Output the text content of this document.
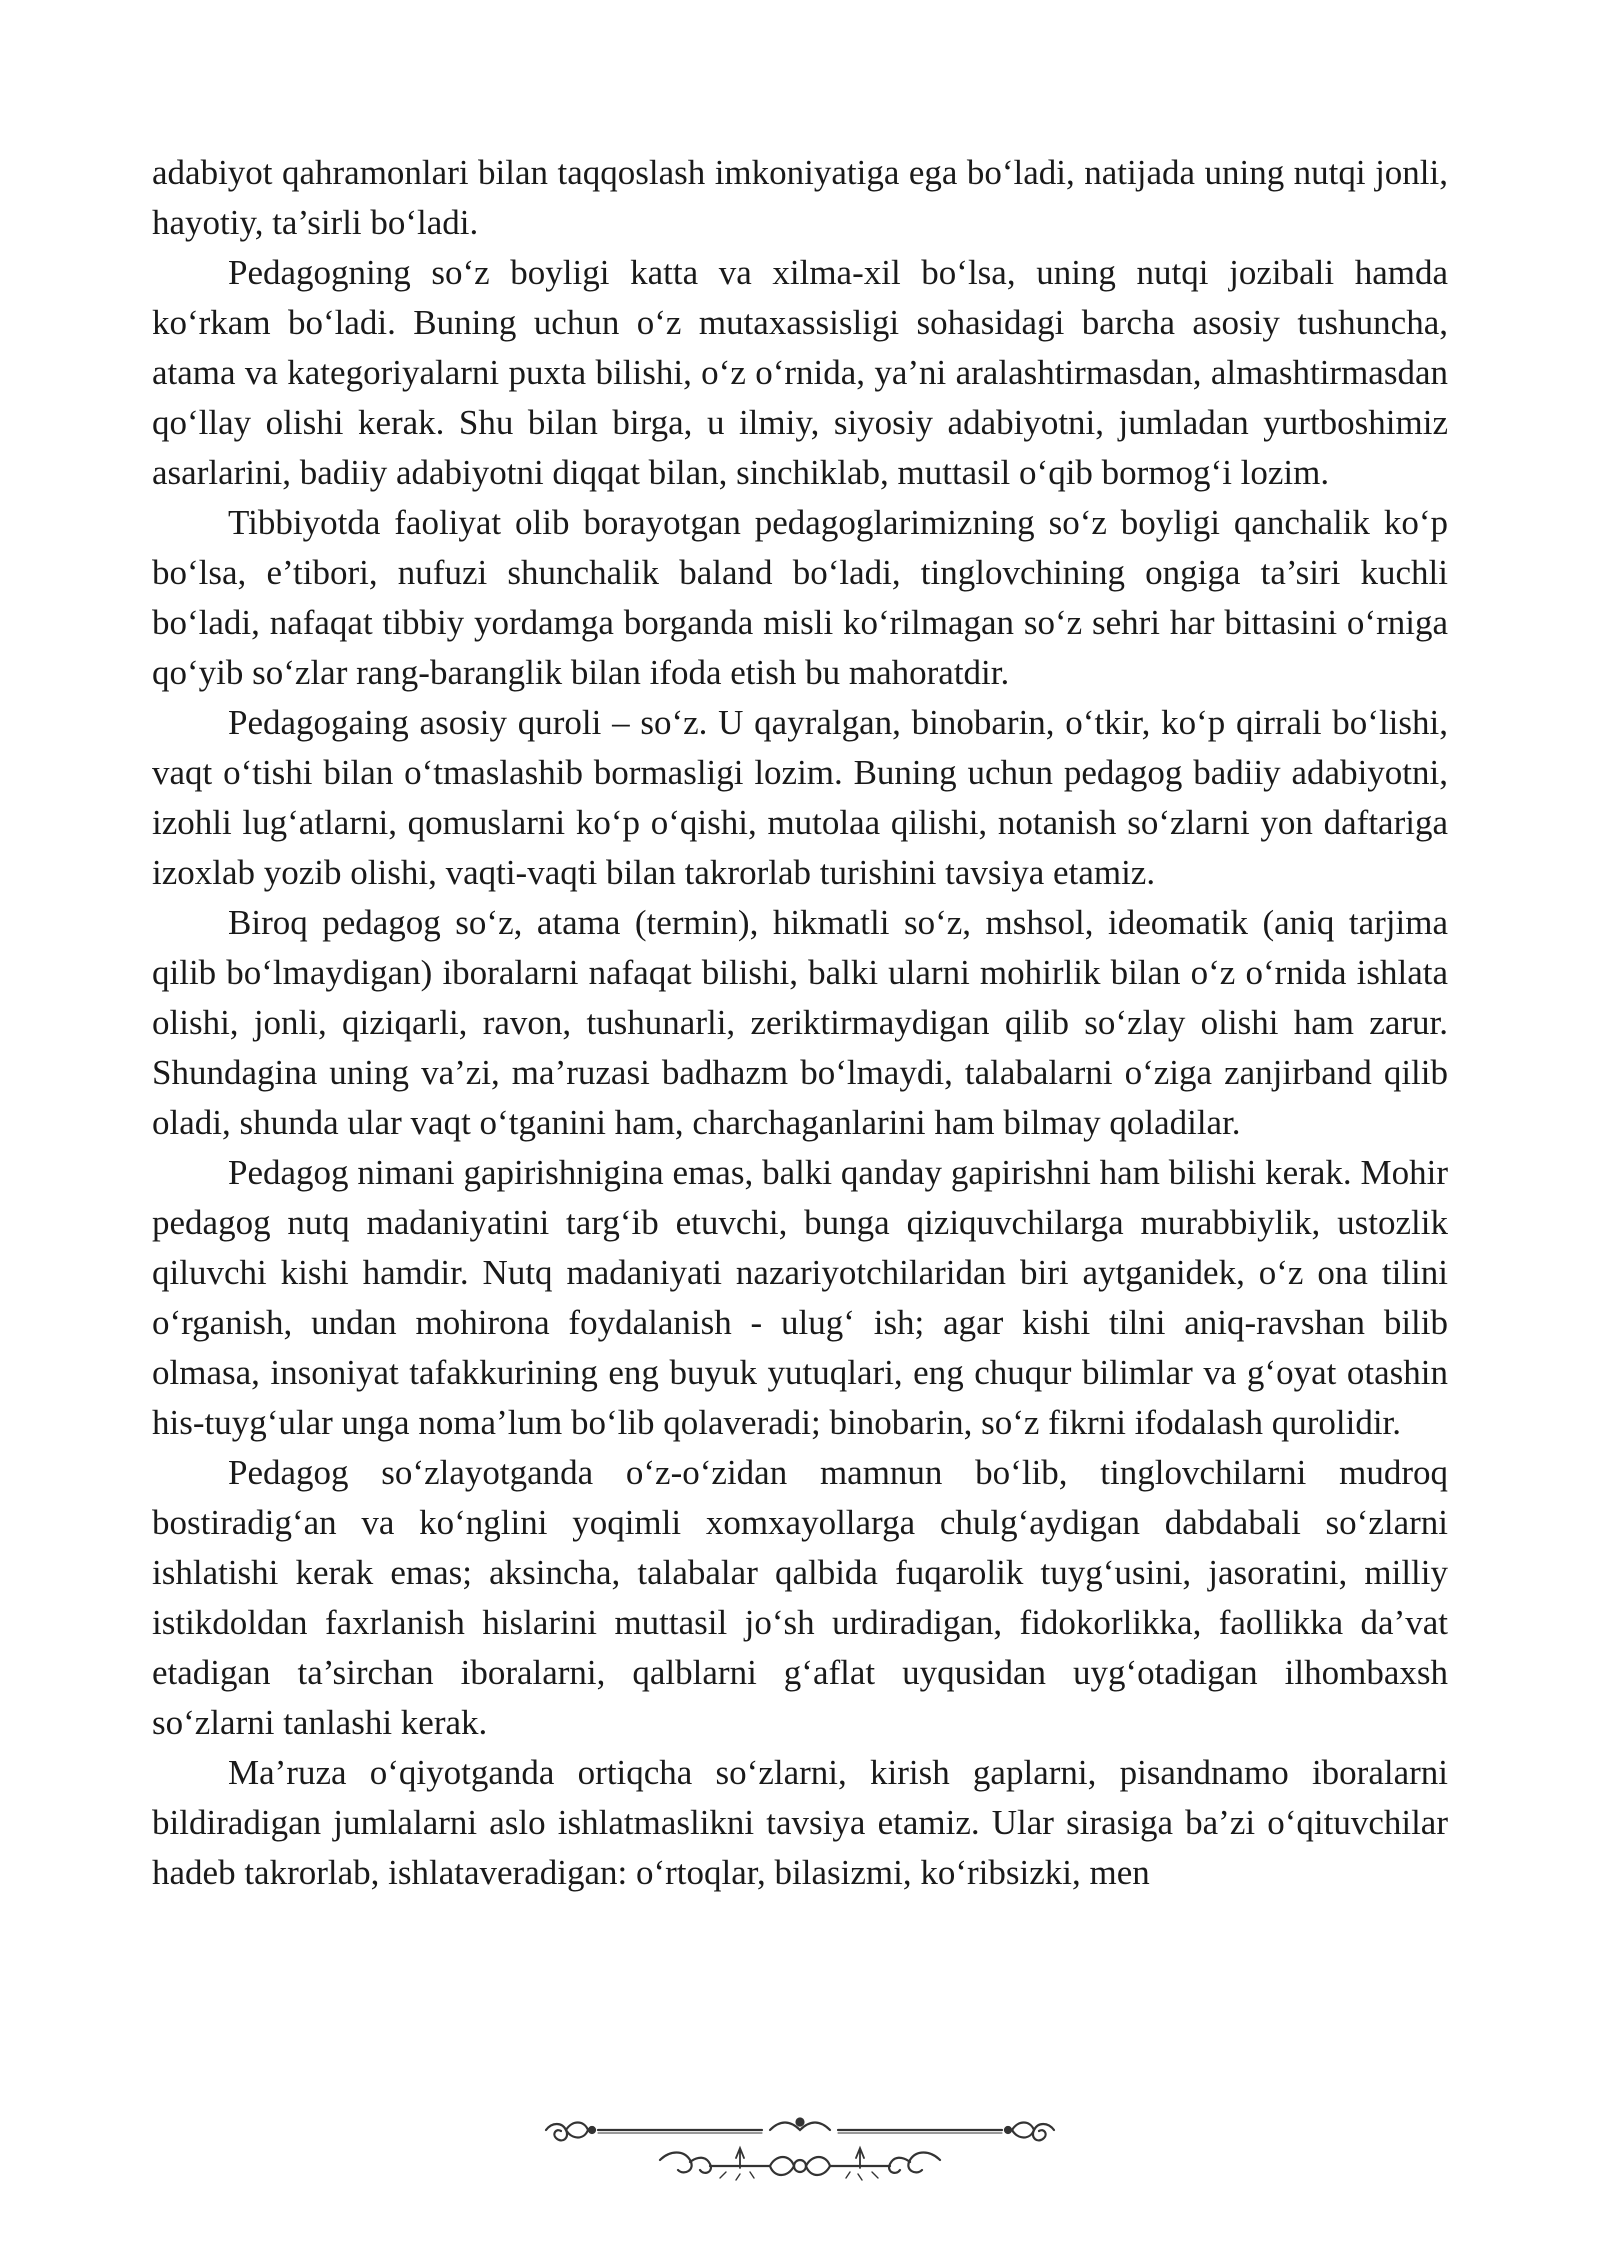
adabiyot qahramonlari bilan taqqoslash imkoniyatiga ega bo‘ladi, natijada uning nutqi jonli, hayotiy, ta’sirli bo‘ladi.

Pedagogning so‘z boyligi katta va xilma-xil bo‘lsa, uning nutqi jozibali hamda ko‘rkam bo‘ladi. Buning uchun o‘z mutaxassisligi sohasidagi barcha asosiy tushuncha, atama va kategoriyalarni puxta bilishi, o‘z o‘rnida, ya’ni aralashtirmasdan, almashtirmasdan qo‘llay olishi kerak. Shu bilan birga, u ilmiy, siyosiy adabiyotni, jumladan yurtboshimiz asarlarini, badiiy adabiyotni diqqat bilan, sinchiklab, muttasil o‘qib bormog‘i lozim.

Tibbiyotda faoliyat olib borayotgan pedagoglarimizning so‘z boyligi qanchalik ko‘p bo‘lsa, e’tibori, nufuzi shunchalik baland bo‘ladi, tinglovchining ongiga ta’siri kuchli bo‘ladi, nafaqat tibbiy yordamga borganda misli ko‘rilmagan so‘z sehri har bittasini o‘rniga qo‘yib so‘zlar rang-baranglik bilan ifoda etish bu mahoratdir.

Pedagogaing asosiy quroli – so‘z. U qayralgan, binobarin, o‘tkir, ko‘p qirrali bo‘lishi, vaqt o‘tishi bilan o‘tmaslashib bormasligi lozim. Buning uchun pedagog badiiy adabiyotni, izohli lug‘atlarni, qomuslarni ko‘p o‘qishi, mutolaa qilishi, notanish so‘zlarni yon daftariga izoxlab yozib olishi, vaqti-vaqti bilan takrorlab turishini tavsiya etamiz.

Biroq pedagog so‘z, atama (termin), hikmatli so‘z, mshsol, ideomatik (aniq tarjima qilib bo‘lmaydigan) iboralarni nafaqat bilishi, balki ularni mohirlik bilan o‘z o‘rnida ishlata olishi, jonli, qiziqarli, ravon, tushunarli, zeriktirmaydigan qilib so‘zlay olishi ham zarur. Shundagina uning va’zi, ma’ruzasi badhazm bo‘lmaydi, talabalarni o‘ziga zanjirband qilib oladi, shunda ular vaqt o‘tganini ham, charchaganlarini ham bilmay qoladilar.

Pedagog nimani gapirishnigina emas, balki qanday gapirishni ham bilishi kerak. Mohir pedagog nutq madaniyatini targ‘ib etuvchi, bunga qiziquvchilarga murabbiylik, ustozlik qiluvchi kishi hamdir. Nutq madaniyati nazariyotchilaridan biri aytganidek, o‘z ona tilini o‘rganish, undan mohirona foydalanish - ulug‘ ish; agar kishi tilni aniq-ravshan bilib olmasa, insoniyat tafakkurining eng buyuk yutuqlari, eng chuqur bilimlar va g‘oyat otashin his-tuyg‘ular unga noma’lum bo‘lib qolaveradi; binobarin, so‘z fikrni ifodalash qurolidir.

Pedagog so‘zlayotganda o‘z-o‘zidan mamnun bo‘lib, tinglovchilarni mudroq bostiradig‘an va ko‘nglini yoqimli xomxayollarga chulg‘aydigan dabdabali so‘zlarni ishlatishi kerak emas; aksincha, talabalar qalbida fuqarolik tuyg‘usini, jasoratini, milliy istikdoldan faxrlanish hislarini muttasil jo‘sh urdiradigan, fidokorlikka, faollikka da’vat etadigan ta’sirchan iboralarni, qalblarni g‘aflat uyqusidan uyg‘otadigan ilhombaxsh so‘zlarni tanlashi kerak.

Ma’ruza o‘qiyotganda ortiqcha so‘zlarni, kirish gaplarni, pisandnamo iboralarni bildiradigan jumlalarni aslo ishlatmaslikni tavsiya etamiz. Ular sirasiga ba’zi o‘qituvchilar hadeb takrorlab, ishlataveradigan: o‘rtoqlar, bilasizmi, ko‘ribsizki, men
